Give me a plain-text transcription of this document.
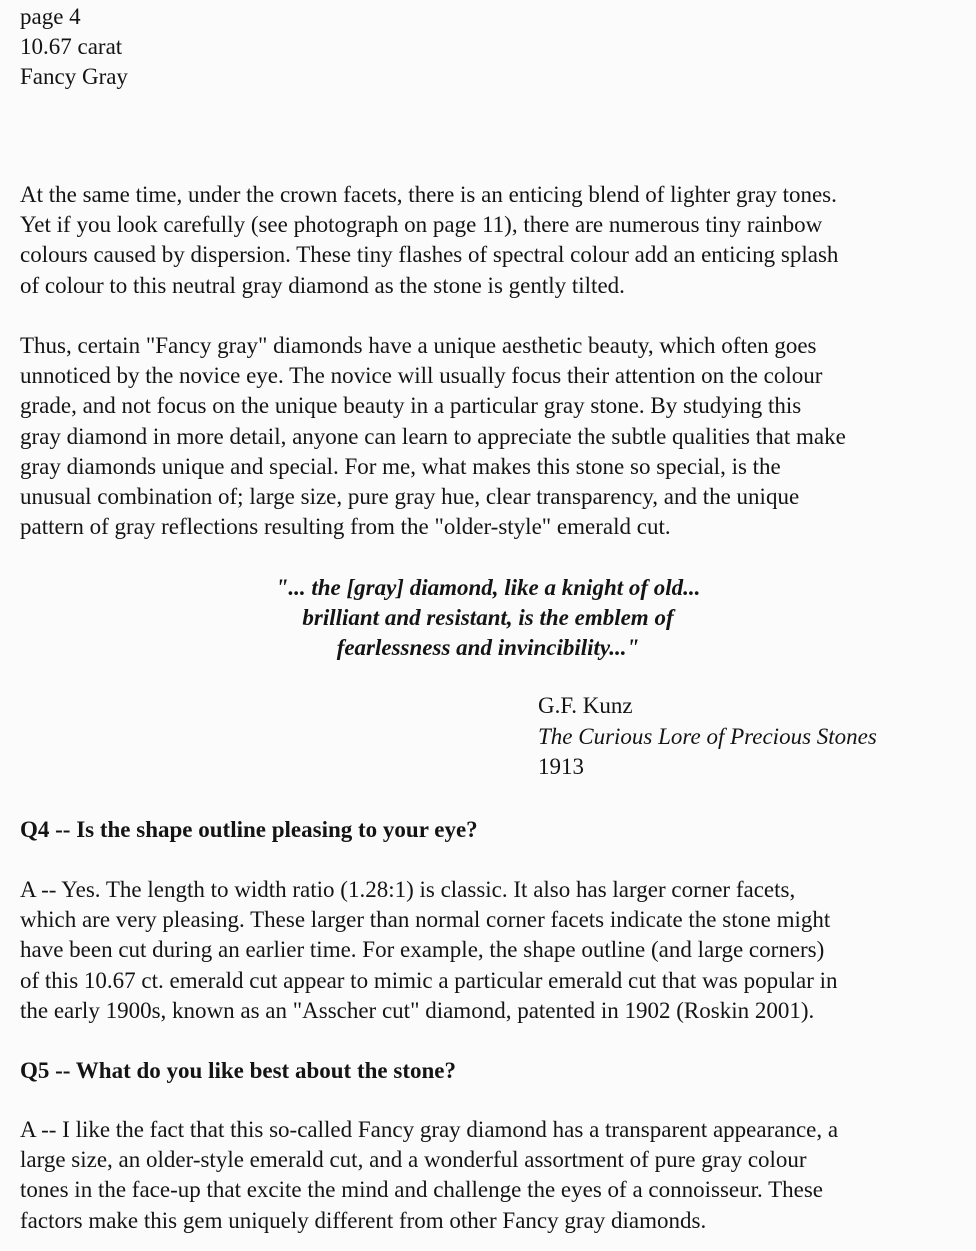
page 4
10.67 carat
Fancy Gray

At the same time, under the crown facets, there is an enticing blend of lighter gray tones.
Yet if you look carefully (see photograph on page 11), there are numerous tiny rainbow
colours caused by dispersion. These tiny flashes of spectral colour add an enticing splash
of colour to this neutral gray diamond as the stone is gently tilted.

Thus, certain "Fancy gray" diamonds have a unique aesthetic beauty, which often goes
unnoticed by the novice eye. The novice will usually focus their attention on the colour
grade, and not focus on the unique beauty in a particular gray stone. By studying this
gray diamond in more detail, anyone can learn to appreciate the subtle qualities that make
gray diamonds unique and special. For me, what makes this stone so special, is the
unusual combination of; large size, pure gray hue, clear transparency, and the unique
pattern of gray reflections resulting from the "older-style" emerald cut.

"... the [gray] diamond, like a knight of old...
brilliant and resistant, is the emblem of
fearlessness and invincibility..."
G.F. Kunz
The Curious Lore of Precious Stones
1913
Q4 -- Is the shape outline pleasing to your eye?

A -- Yes. The length to width ratio (1.28:1) is classic. It also has larger corner facets,
which are very pleasing. These larger than normal corner facets indicate the stone might
have been cut during an earlier time. For example, the shape outline (and large corners)
of this 10.67 ct. emerald cut appear to mimic a particular emerald cut that was popular in
the early 1900s, known as an "Asscher cut" diamond, patented in 1902 (Roskin 2001).

Q5 -- What do you like best about the stone?

A -- I like the fact that this so-called Fancy gray diamond has a transparent appearance, a
large size, an older-style emerald cut, and a wonderful assortment of pure gray colour
tones in the face-up that excite the mind and challenge the eyes of a connoisseur. These
factors make this gem uniquely different from other Fancy gray diamonds.
